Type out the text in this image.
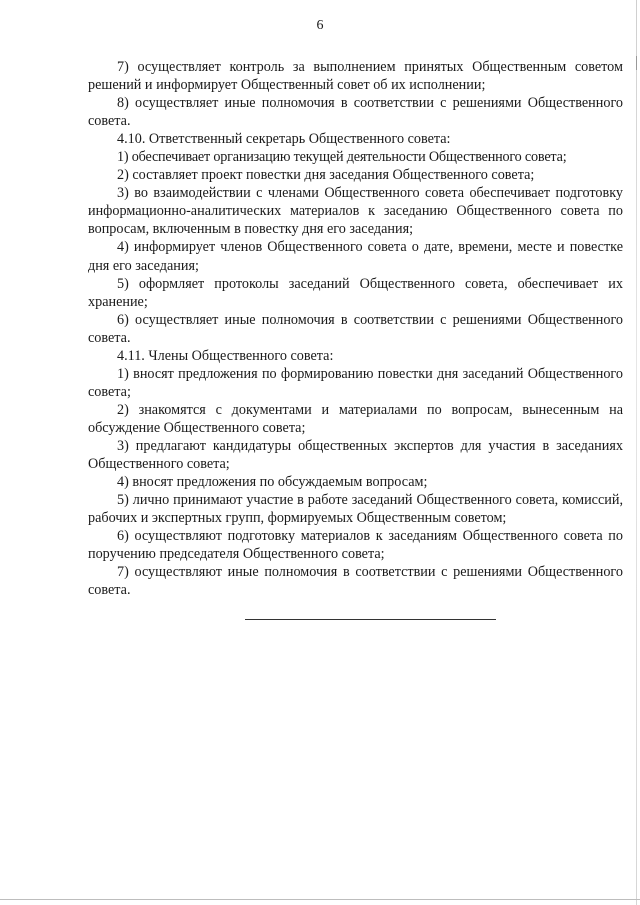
6

7) осуществляет контроль за выполнением принятых Общественным советом решений и информирует Общественный совет об их исполнении;

8) осуществляет иные полномочия в соответствии с решениями Общественного совета.

4.10. Ответственный секретарь Общественного совета:

1) обеспечивает организацию текущей деятельности Общественного совета;

2) составляет проект повестки дня заседания Общественного совета;

3) во взаимодействии с членами Общественного совета обеспечивает подготовку информационно-аналитических материалов к заседанию Общественного совета по вопросам, включенным в повестку дня его заседания;

4) информирует членов Общественного совета о дате, времени, месте и повестке дня его заседания;

5) оформляет протоколы заседаний Общественного совета, обеспечивает их хранение;

6) осуществляет иные полномочия в соответствии с решениями Общественного совета.

4.11. Члены Общественного совета:

1) вносят предложения по формированию повестки дня заседаний Общественного совета;

2) знакомятся с документами и материалами по вопросам, вынесенным на обсуждение Общественного совета;

3) предлагают кандидатуры общественных экспертов для участия в заседаниях Общественного совета;

4) вносят предложения по обсуждаемым вопросам;

5) лично принимают участие в работе заседаний Общественного совета, комиссий, рабочих и экспертных групп, формируемых Общественным советом;

6) осуществляют подготовку материалов к заседаниям Общественного совета по поручению председателя Общественного совета;

7) осуществляют иные полномочия в соответствии с решениями Общественного совета.
